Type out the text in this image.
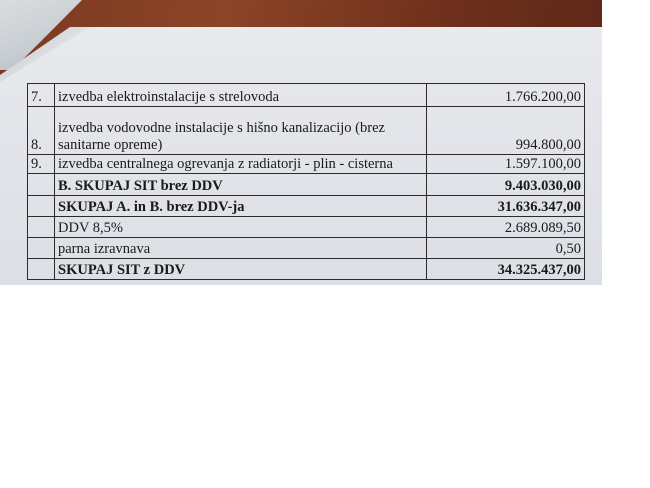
7.	izvedba elektroinstalacije s strelovoda	1.766.200,00
8.	izvedba vodovodne instalacije s hišno kanalizacijo (brez sanitarne opreme)	994.800,00
9.	izvedba centralnega ogrevanja z radiatorji - plin - cisterna	1.597.100,00
	B. SKUPAJ SIT brez DDV	9.403.030,00
	SKUPAJ A. in B. brez DDV-ja	31.636.347,00
	DDV 8,5%	2.689.089,50
	parna izravnava	0,50
	SKUPAJ SIT z DDV	34.325.437,00
